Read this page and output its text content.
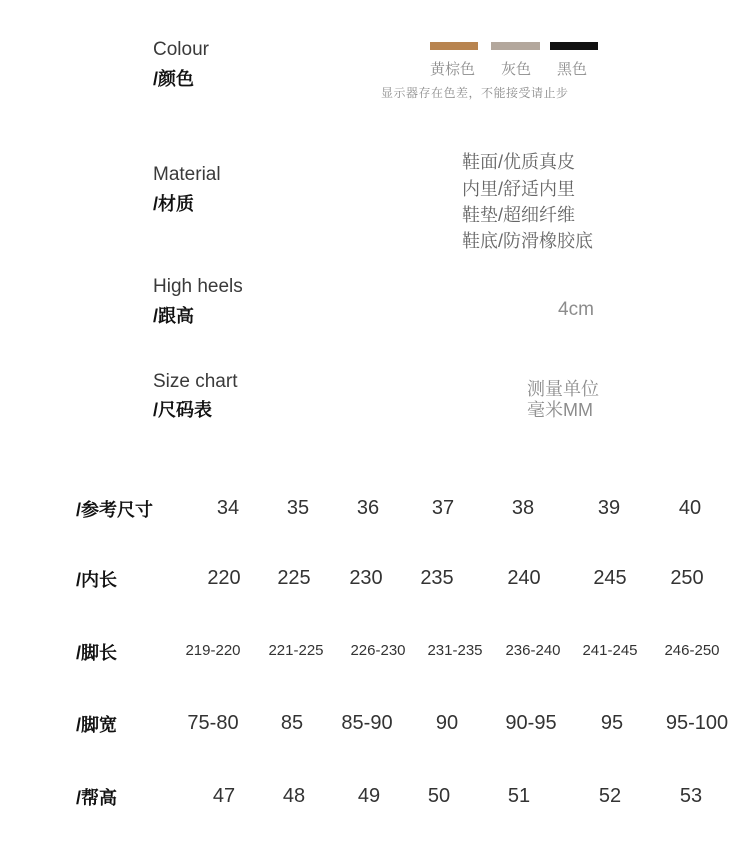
Colour
/颜色	黄棕色 灰色 黑色
显示器存在色差，不能接受请止步
Material
/材质
鞋面/优质真皮
内里/舒适内里
鞋垫/超细纤维
鞋底/防滑橡胶底
High heels
/跟高	4cm
Size chart
/尺码表
测量单位
毫米MM
/参考尺寸	34 35 36	37	38	39	40
/内长	220 225 230 235	240	245 250
/脚长	219-220 221-225 226-230 231-235 236-240 241-245 246-250
/脚宽	75-80 85 85-90 90 90-95 95 95-100
/帮高	47 48	49 50	51	52	53
